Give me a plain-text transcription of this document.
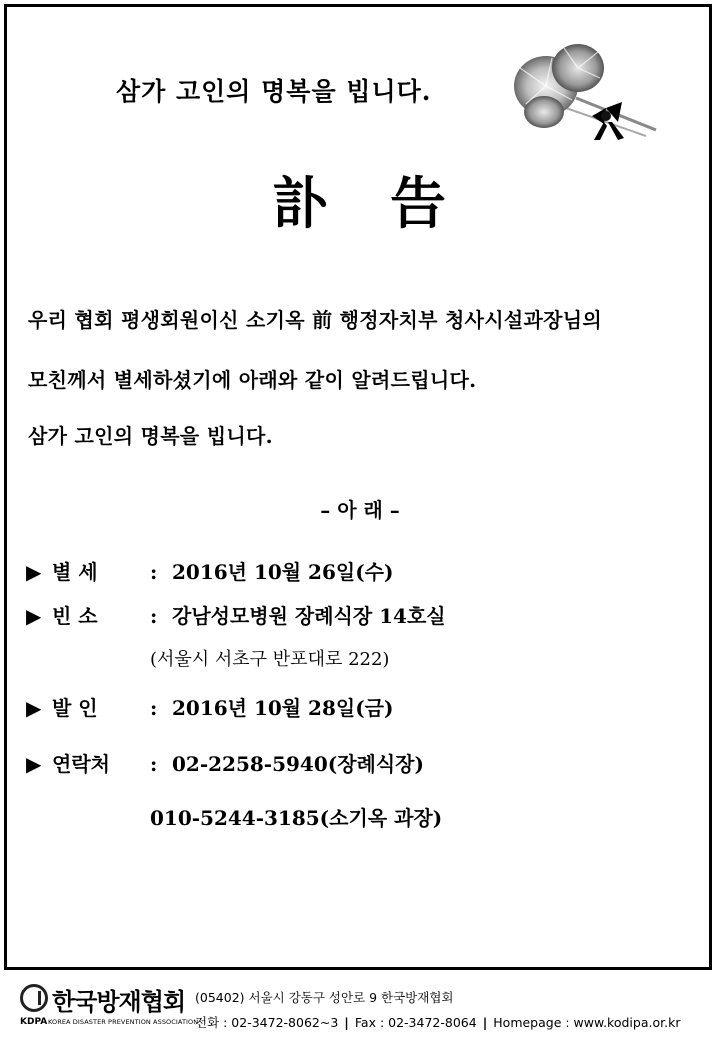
삼가 고인의 명복을 빕니다.
訃 告
우리 협회 평생회원이신 소기옥 前 행정자치부 청사시설과장님의
모친께서 별세하셨기에 아래와 같이 알려드립니다.
삼가 고인의 명복을 빕니다.
– 아 래 –
▶ 별 세	: 2016년 10월 26일(수)
▶ 빈 소	: 강남성모병원 장례식장 14호실
(서울시 서초구 반포대로 222)
▶ 발 인	: 2016년 10월 28일(금)
▶ 연락처 : 02-2258-5940(장례식장)
010-5244-3185(소기옥 과장)
한국방재협회
KDPA KOREA DISASTER PREVENTION ASSOCIATION
(05402) 서울시 강동구 성안로 9 한국방재협회
전화 : 02-3472-8062~3 | Fax : 02-3472-8064 | Homepage : www.kodipa.or.kr
